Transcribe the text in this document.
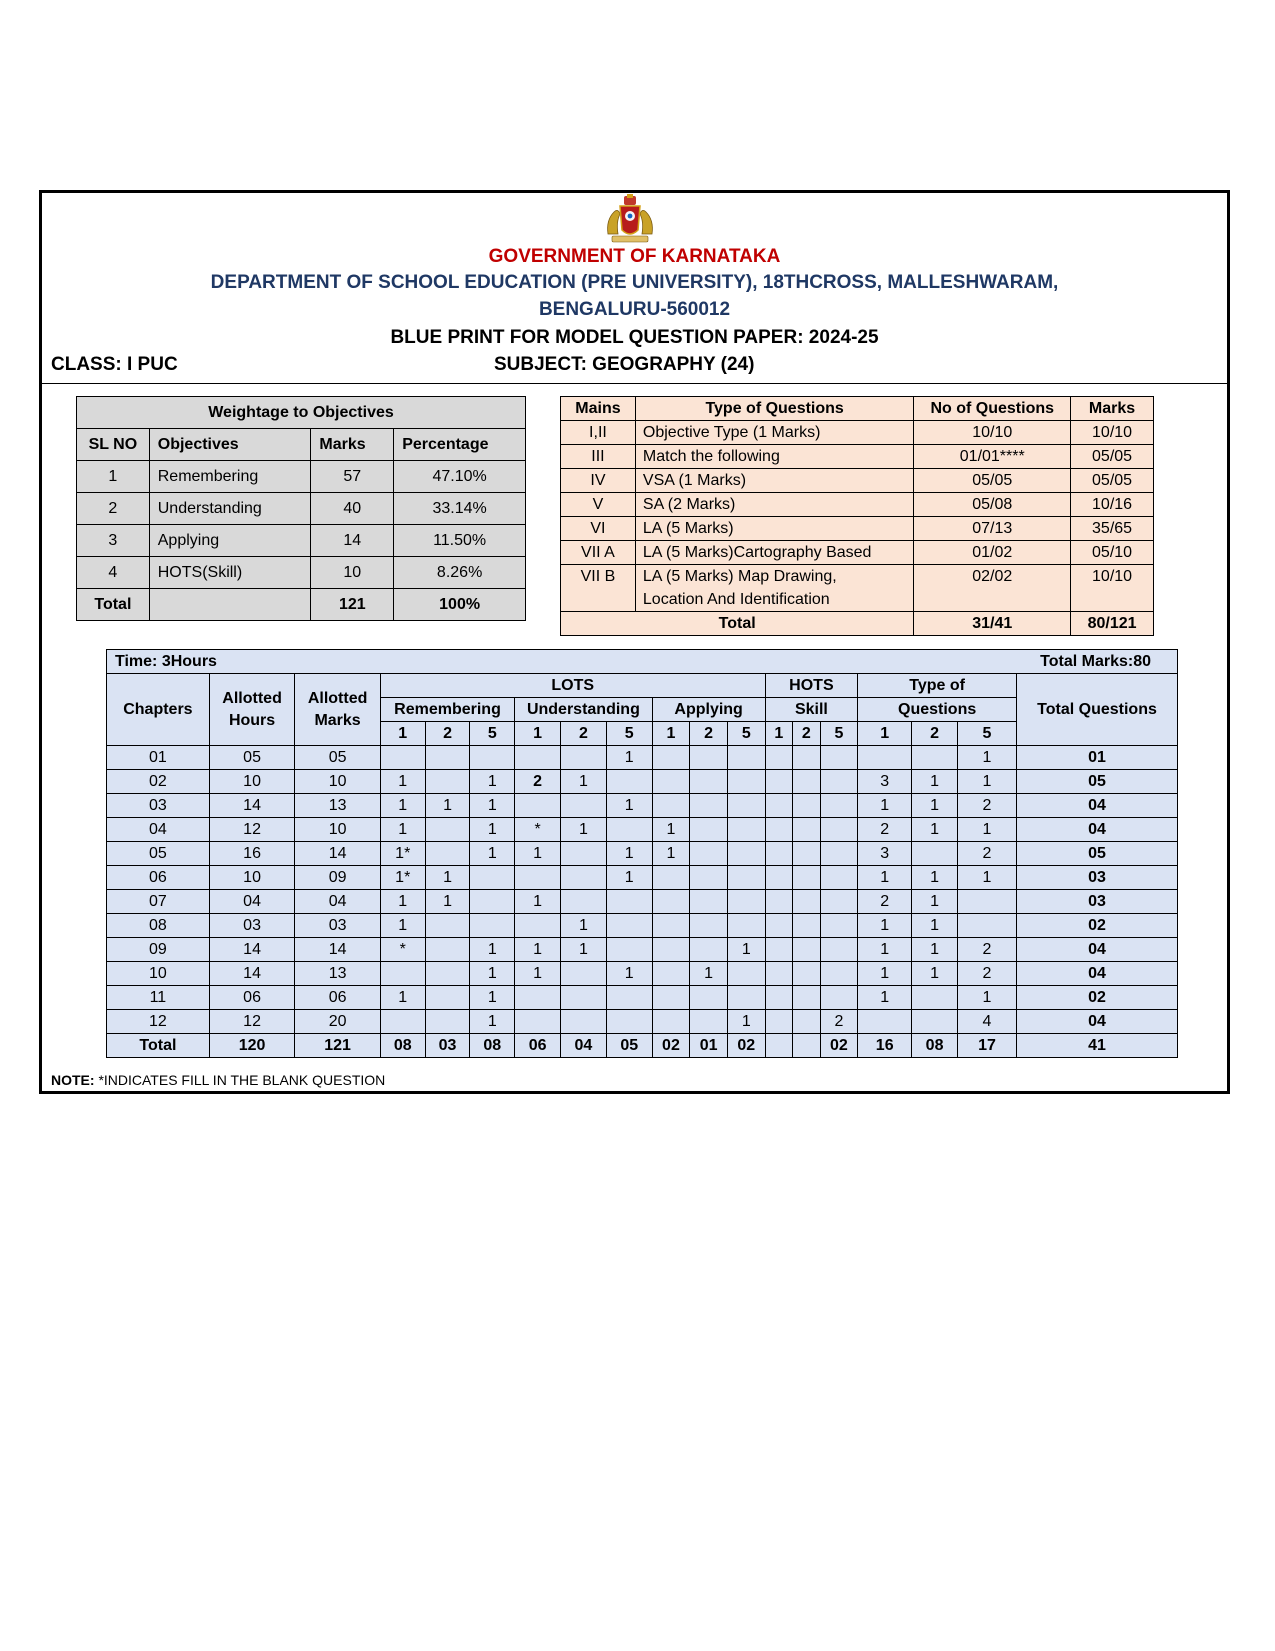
GOVERNMENT OF KARNATAKA
DEPARTMENT OF SCHOOL EDUCATION (PRE UNIVERSITY), 18THCROSS, MALLESHWARAM,
BENGALURU-560012
BLUE PRINT FOR MODEL QUESTION PAPER: 2024-25
CLASS: I PUC	SUBJECT: GEOGRAPHY (24)
Weightage to Objectives			
SL NO	Objectives	Marks	Percentage
1	Remembering	57	47.10%
2	Understanding	40	33.14%
3	Applying	14	11.50%
4	HOTS(Skill)	10	8.26%
Total		121	100%
Mains	Type of Questions	No of Questions	Marks
I,II	Objective Type (1 Marks)	10/10	10/10
III	Match the following	01/01****	05/05
IV	VSA (1 Marks)	05/05	05/05
V	SA (2 Marks)	05/08	10/16
VI	LA (5 Marks)	07/13	35/65
VII A	LA (5 Marks)Cartography Based	01/02	05/10
VII B	LA (5 Marks) Map Drawing,
Location And Identification	02/02	10/10
Total		31/41	80/121
Time: 3Hours																Total Marks:80		
Chapters	Allotted Hours	Allotted Marks	LOTS									HOTS			Type of			Total Questions
			Remembering			Understanding			Applying			Skill			Questions			
			1	2	5	1	2	5	1	2	5	1	2	5	1	2	5	
01	05	05						1									1	01
02	10	10	1		1	2	1								3	1	1	05
03	14	13	1	1	1			1							1	1	2	04
04	12	10	1		1	*	1		1						2	1	1	04
05	16	14	1*		1	1		1	1						3		2	05
06	10	09	1*	1				1							1	1	1	03
07	04	04	1	1		1									2	1		03
08	03	03	1				1								1	1		02
09	14	14	*		1	1	1				1				1	1	2	04
10	14	13			1	1		1		1					1	1	2	04
11	06	06	1		1										1		1	02
12	12	20			1						1			2			4	04
Total	120	121	08	03	08	06	04	05	02	01	02			02	16	08	17	41
NOTE: *INDICATES FILL IN THE BLANK QUESTION
